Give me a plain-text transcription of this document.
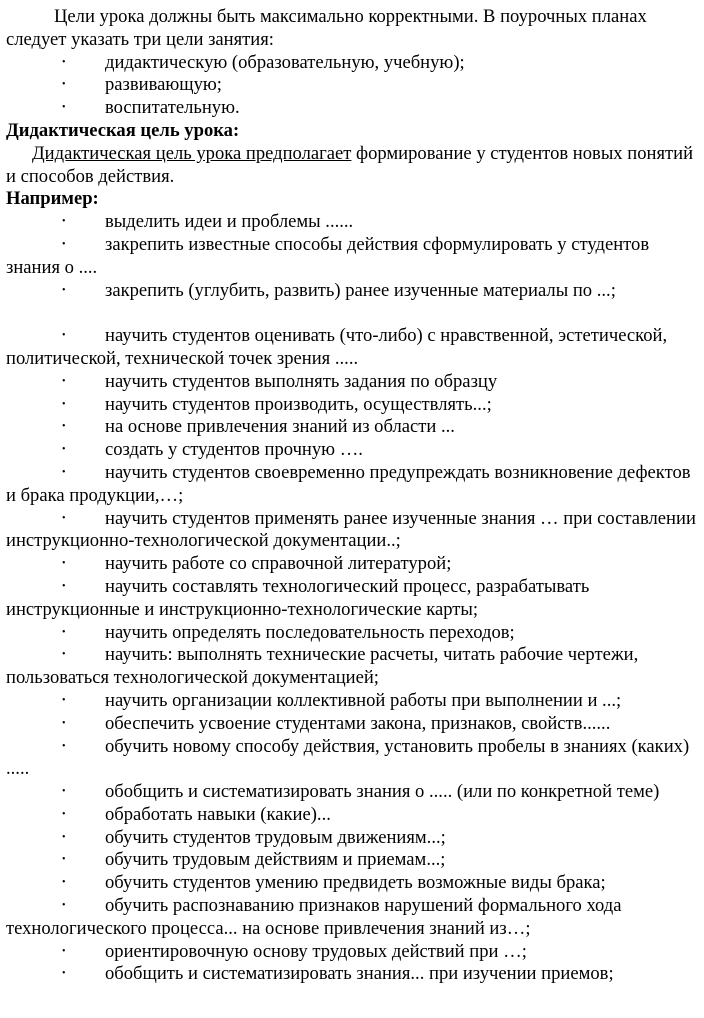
Цели урока должны быть максимально корректными. В поурочных планах следует указать три цели занятия:

• дидактическую (образовательную, учебную);

• развивающую;

• воспитательную.

Дидактическая цель урока:

Дидактическая цель урока предполагает формирование у студентов новых понятий и способов действия.

Например:

• выделить идеи и проблемы ......

• закрепить известные способы действия сформулировать у студентов знания о ....

• закрепить (углубить, развить) ранее изученные материалы по ...;

• научить студентов оценивать (что-либо) с нравственной, эстетической, политической, технической точек зрения .....

• научить студентов выполнять задания по образцу

• научить студентов производить, осуществлять...;

• на основе привлечения знаний из области ...

• создать у студентов прочную ….

• научить студентов своевременно предупреждать возникновение дефектов и брака продукции,…;

• научить студентов применять ранее изученные знания … при составлении инструкционно-технологической документации..;

• научить работе со справочной литературой;

• научить составлять технологический процесс, разрабатывать инструкционные и инструкционно-технологические карты;

• научить определять последовательность переходов;

• научить: выполнять технические расчеты, читать рабочие чертежи, пользоваться технологической документацией;

• научить организации коллективной работы при выполнении и ...;

• обеспечить усвоение студентами закона, признаков, свойств......

• обучить новому способу действия, установить пробелы в знаниях (каких) .....

• обобщить и систематизировать знания о ..... (или по конкретной теме)

• обработать навыки (какие)...

• обучить студентов трудовым движениям...;

• обучить трудовым действиям и приемам...;

• обучить студентов умению предвидеть возможные виды брака;

• обучить распознаванию признаков нарушений формального хода технологического процесса... на основе привлечения знаний из…;

• ориентировочную основу трудовых действий при …;

• обобщить и систематизировать знания... при изучении приемов;
